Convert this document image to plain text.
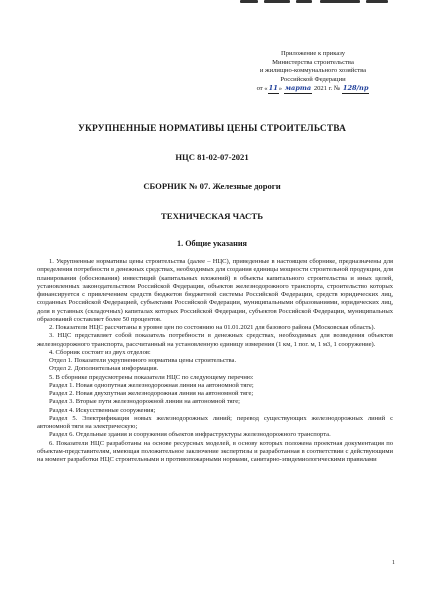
Приложение к приказу
Министерства строительства
и жилищно-коммунального хозяйства
Российской Федерации
от «11» марта 2021 г. № 128/пр
УКРУПНЕННЫЕ НОРМАТИВЫ ЦЕНЫ СТРОИТЕЛЬСТВА
НЦС 81-02-07-2021
СБОРНИК № 07. Железные дороги
ТЕХНИЧЕСКАЯ ЧАСТЬ
1. Общие указания

1. Укрупненные нормативы цены строительства (далее – НЦС), приведенные в настоящем сборнике, предназначены для определения потребности в денежных средствах, необходимых для создания единицы мощности строительной продукции, для планирования (обоснования) инвестиций (капитальных вложений) в объекты капитального строительства и иных целей, установленных законодательством Российской Федерации, объектов железнодорожного транспорта, строительство которых финансируется с привлечением средств бюджетов бюджетной системы Российской Федерации, средств юридических лиц, созданных Российской Федерацией, субъектами Российской Федерации, муниципальными образованиями, юридических лиц, доля в уставных (складочных) капиталах которых Российской Федерации, субъектов Российской Федерации, муниципальных образований составляет более 50 процентов.

2. Показатели НЦС рассчитаны в уровне цен по состоянию на 01.01.2021 для базового района (Московская область).

3. НЦС представляет собой показатель потребности в денежных средствах, необходимых для возведения объектов железнодорожного транспорта, рассчитанный на установленную единицу измерения (1 км, 1 пог. м, 1 м3, 1 сооружение).

4. Сборник состоит из двух отделов:

Отдел 1. Показатели укрупненного норматива цены строительства.

Отдел 2. Дополнительная информация.

5. В сборнике предусмотрены показатели НЦС по следующему перечню:

Раздел 1. Новая однопутная железнодорожная линия на автономной тяге;

Раздел 2. Новая двухпутная железнодорожная линия на автономной тяге;

Раздел 3. Вторые пути железнодорожной линии на автономной тяге;

Раздел 4. Искусственные сооружения;

Раздел 5. Электрификация новых железнодорожных линий; перевод существующих железнодорожных линий с автономной тяги на электрическую;

Раздел 6. Отдельные здания и сооружения объектов инфраструктуры железнодорожного транспорта.

6. Показатели НЦС разработаны на основе ресурсных моделей, в основу которых положена проектная документация по объектам-представителям, имеющая положительное заключение экспертизы и разработанная в соответствии с действующими на момент разработки НЦС строительными и противопожарными нормами, санитарно-эпидемиологическими правилами

1
